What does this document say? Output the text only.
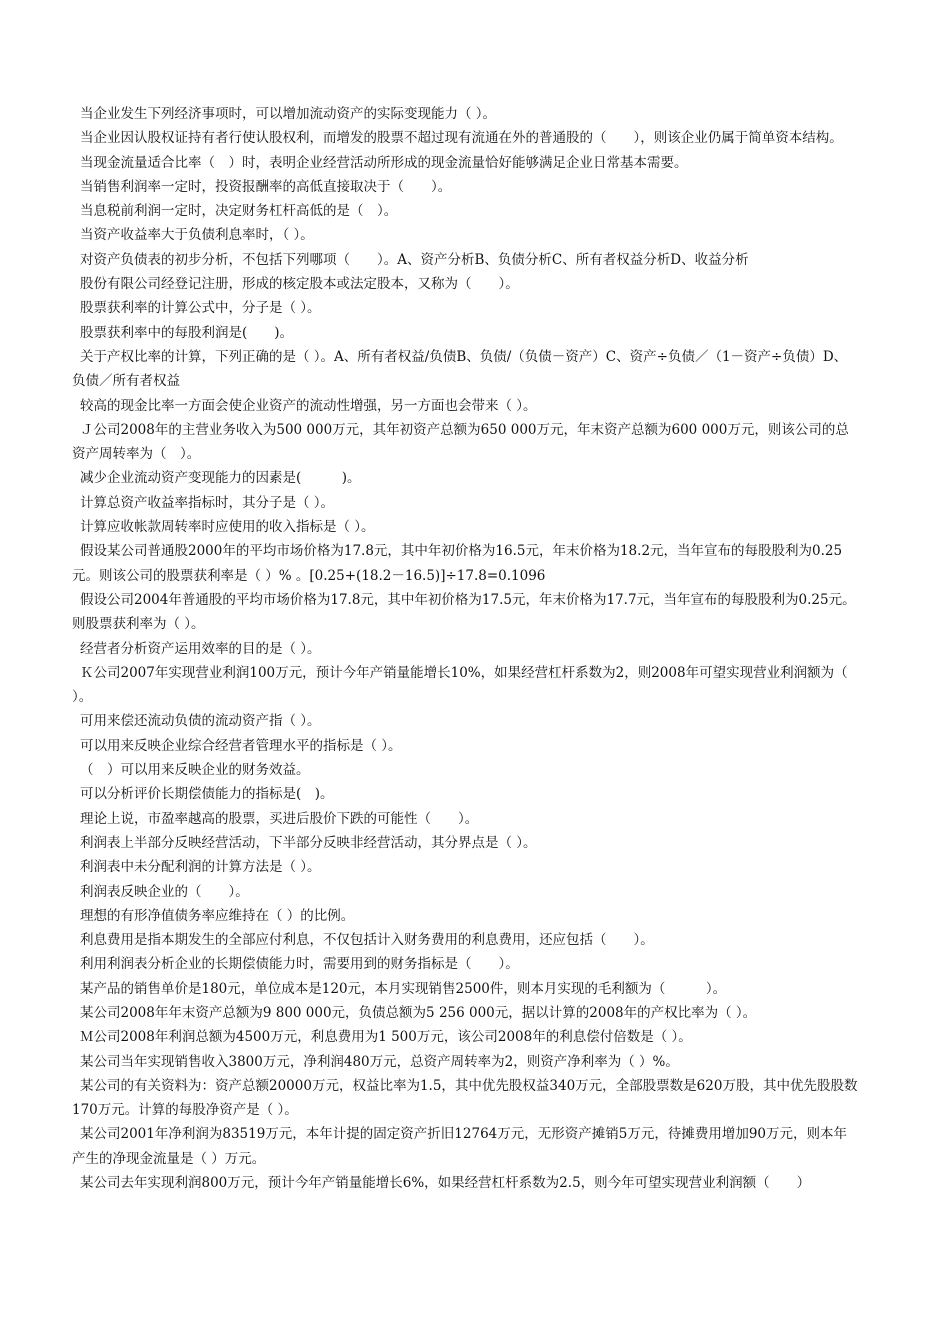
当企业发生下列经济事项时，可以增加流动资产的实际变现能力（ ）。

当企业因认股权证持有者行使认股权利，而增发的股票不超过现有流通在外的普通股的（　　），则该企业仍属于简单资本结构。

当现金流量适合比率（　）时，表明企业经营活动所形成的现金流量恰好能够满足企业日常基本需要。

当销售利润率一定时，投资报酬率的高低直接取决于（　　）。

当息税前利润一定时，决定财务杠杆高低的是（　）。

当资产收益率大于负债利息率时，（ ）。

对资产负债表的初步分析，不包括下列哪项（　　）。A、资产分析B、负债分析C、所有者权益分析D、收益分析

股份有限公司经登记注册，形成的核定股本或法定股本，又称为（　　）。

股票获利率的计算公式中，分子是（ ）。

股票获利率中的每股利润是(　　)。

关于产权比率的计算，下列正确的是（ ）。A、所有者权益/负债B、负债/（负债－资产）C、资产÷负债／（1－资产÷负债）D、负债／所有者权益

较高的现金比率一方面会使企业资产的流动性增强，另一方面也会带来（ ）。

Ｊ公司2008年的主营业务收入为500 000万元，其年初资产总额为650 000万元，年末资产总额为600 000万元，则该公司的总资产周转率为（　）。

减少企业流动资产变现能力的因素是(　　　)。

计算总资产收益率指标时，其分子是（ ）。

计算应收帐款周转率时应使用的收入指标是（ ）。

假设某公司普通股2000年的平均市场价格为17.8元，其中年初价格为16.5元，年末价格为18.2元，当年宣布的每股股利为0.25元。则该公司的股票获利率是（ ）% 。[0.25+(18.2－16.5)]÷17.8=0.1096

假设公司2004年普通股的平均市场价格为17.8元，其中年初价格为17.5元，年末价格为17.7元，当年宣布的每股股利为0.25元。则股票获利率为（ ）。

经营者分析资产运用效率的目的是（ ）。

Ｋ公司2007年实现营业利润100万元，预计今年产销量能增长10%，如果经营杠杆系数为2，则2008年可望实现营业利润额为（ ）。

可用来偿还流动负债的流动资产指（ ）。

可以用来反映企业综合经营者管理水平的指标是（ ）。

（　）可以用来反映企业的财务效益。

可以分析评价长期偿债能力的指标是(　)。

理论上说，市盈率越高的股票，买进后股价下跌的可能性（　　）。

利润表上半部分反映经营活动，下半部分反映非经营活动，其分界点是（ ）。

利润表中未分配利润的计算方法是（ ）。

利润表反映企业的（　　）。

理想的有形净值债务率应维持在（ ）的比例。

利息费用是指本期发生的全部应付利息，不仅包括计入财务费用的利息费用，还应包括（　　）。

利用利润表分析企业的长期偿债能力时，需要用到的财务指标是（　　）。

某产品的销售单价是180元，单位成本是120元，本月实现销售2500件，则本月实现的毛利额为（　　　）。

某公司2008年年末资产总额为9 800 000元，负债总额为5 256 000元，据以计算的2008年的产权比率为（ ）。

Ｍ公司2008年利润总额为4500万元，利息费用为1 500万元，该公司2008年的利息偿付倍数是（ ）。

某公司当年实现销售收入3800万元，净利润480万元，总资产周转率为2，则资产净利率为（ ）%。

某公司的有关资料为：资产总额20000万元，权益比率为1.5，其中优先股权益340万元，全部股票数是620万股，其中优先股股数170万元。计算的每股净资产是（ ）。

某公司2001年净利润为83519万元，本年计提的固定资产折旧12764万元，无形资产摊销5万元，待摊费用增加90万元，则本年产生的净现金流量是（ ）万元。

某公司去年实现利润800万元，预计今年产销量能增长6%，如果经营杠杆系数为2.5，则今年可望实现营业利润额（　　）
